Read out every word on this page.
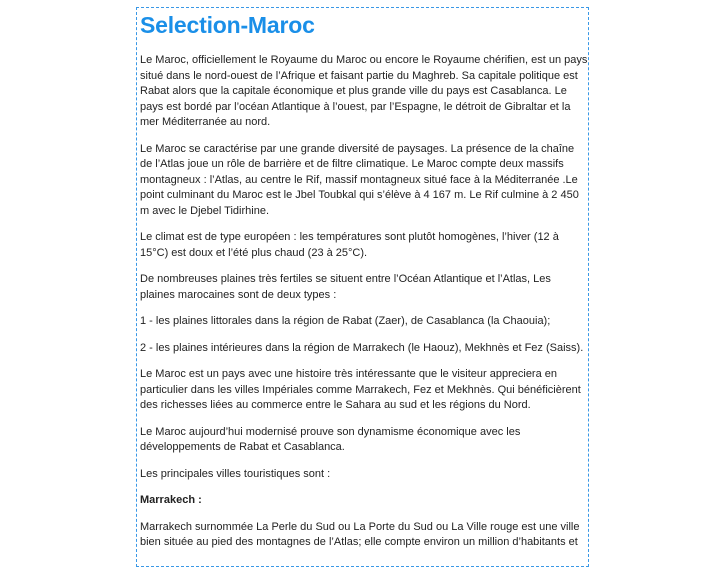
Selection-Maroc

Le Maroc, officiellement le Royaume du Maroc ou encore le Royaume chérifien, est un pays situé dans le nord-ouest de l’Afrique et faisant partie du Maghreb. Sa capitale politique est Rabat alors que la capitale économique et plus grande ville du pays est Casablanca. Le pays est bordé par l’océan Atlantique à l’ouest, par l’Espagne, le détroit de Gibraltar et la mer Méditerranée au nord.

Le Maroc se caractérise par une grande diversité de paysages. La présence de la chaîne de l’Atlas joue un rôle de barrière et de filtre climatique. Le Maroc compte deux massifs montagneux : l’Atlas, au centre le Rif, massif montagneux situé face à la Méditerranée .Le point culminant du Maroc est le Jbel Toubkal qui s’élève à 4 167 m. Le Rif culmine à 2 450 m avec le Djebel Tidirhine.

Le climat est de type européen : les températures sont plutôt homogènes, l’hiver (12 à 15°C) est doux et l’été plus chaud (23 à 25°C).

De nombreuses plaines très fertiles se situent entre l’Océan Atlantique et l’Atlas, Les plaines marocaines sont de deux types :

1 - les plaines littorales dans la région de Rabat (Zaer), de Casablanca (la Chaouia);

2 - les plaines intérieures dans la région de Marrakech (le Haouz), Mekhnès et Fez (Saiss).

Le Maroc est un pays avec une histoire très intéressante que le visiteur appreciera en particulier dans les villes Impériales comme Marrakech, Fez et Mekhnès. Qui bénéficièrent des richesses liées au commerce entre le Sahara au sud et les régions du Nord.

Le Maroc aujourd’hui modernisé prouve son dynamisme économique avec les développements de Rabat et Casablanca.

Les principales villes touristiques sont :

Marrakech :

Marrakech surnommée La Perle du Sud ou La Porte du Sud ou La Ville rouge est une ville bien située au pied des montagnes de l’Atlas; elle compte environ un million d’habitants et
